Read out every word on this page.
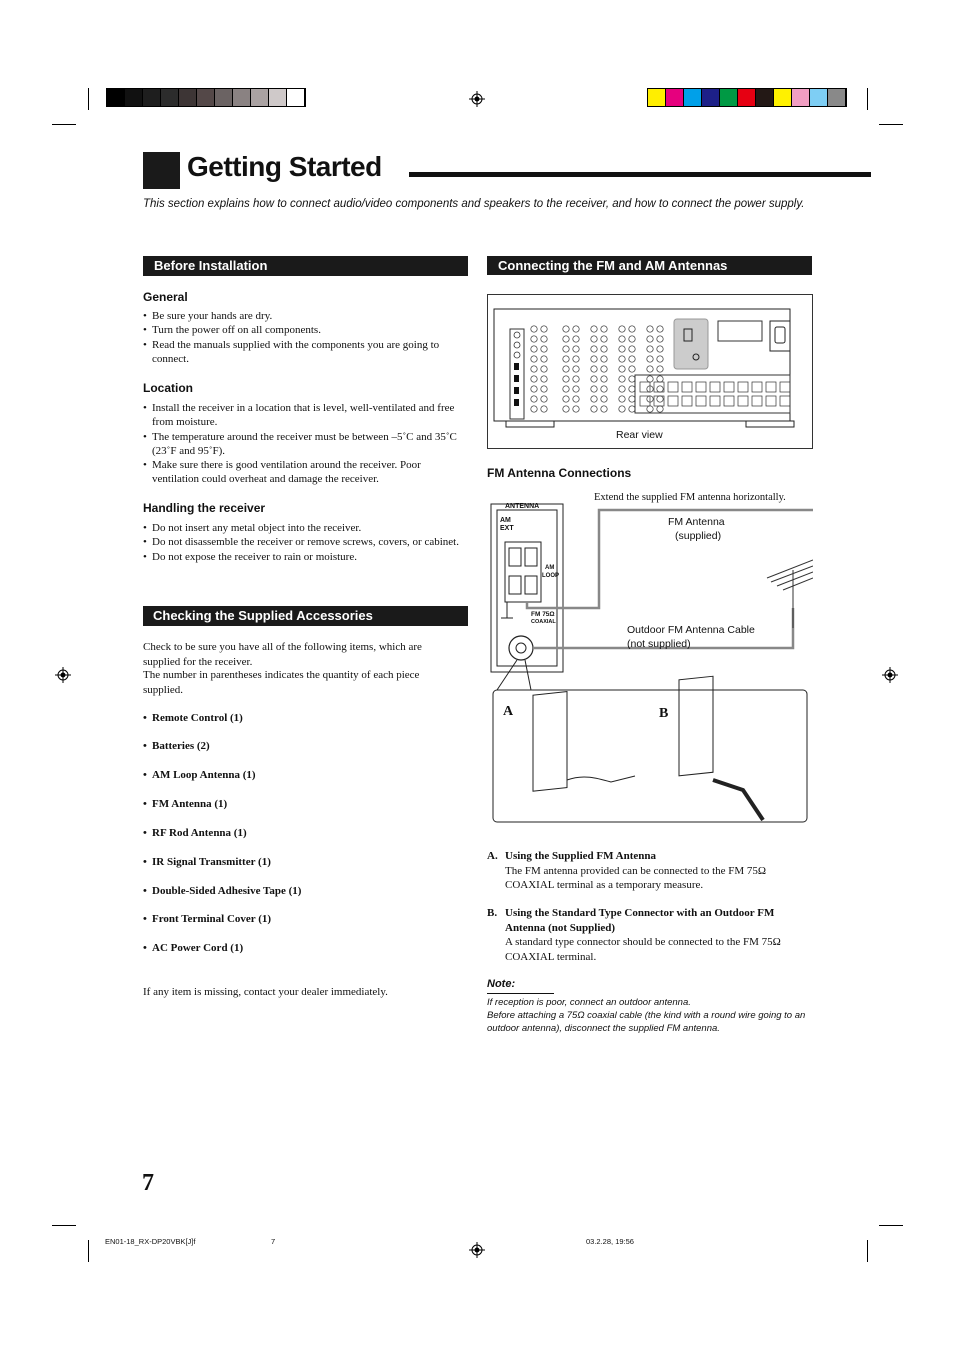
Getting Started
This section explains how to connect audio/video components and speakers to the receiver, and how to connect the power supply.
Before Installation
General
• Be sure your hands are dry.
• Turn the power off on all components.
• Read the manuals supplied with the components you are going to connect.
Location
• Install the receiver in a location that is level, well-ventilated and free from moisture.
• The temperature around the receiver must be between –5˚C and 35˚C (23˚F and 95˚F).
• Make sure there is good ventilation around the receiver. Poor ventilation could overheat and damage the receiver.
Handling the receiver
• Do not insert any metal object into the receiver.
• Do not disassemble the receiver or remove screws, covers, or cabinet.
• Do not expose the receiver to rain or moisture.
Checking the Supplied Accessories
Check to be sure you have all of the following items, which are supplied for the receiver.
The number in parentheses indicates the quantity of each piece supplied.
• Remote Control (1)
• Batteries (2)
• AM Loop Antenna (1)
• FM Antenna (1)
• RF Rod Antenna (1)
• IR Signal Transmitter (1)
• Double-Sided Adhesive Tape (1)
• Front Terminal Cover (1)
• AC Power Cord (1)
If any item is missing, contact your dealer immediately.
7
Connecting the FM and AM Antennas
Rear view
FM Antenna Connections
Extend the supplied FM antenna horizontally.
FM Antenna
(supplied)
Outdoor FM Antenna Cable
(not supplied)
ANTENNA
AM
EXT
AM
LOOP
FM 75Ω
COAXIAL
A	B
A. Using the Supplied FM Antenna
The FM antenna provided can be connected to the FM 75Ω COAXIAL terminal as a temporary measure.
B. Using the Standard Type Connector with an Outdoor FM Antenna (not Supplied)
A standard type connector should be connected to the FM 75Ω COAXIAL terminal.
Note:
If reception is poor, connect an outdoor antenna.
Before attaching a 75Ω coaxial cable (the kind with a round wire going to an outdoor antenna), disconnect the supplied FM antenna.
EN01-18_RX-DP20VBK[J]f	7	03.2.28, 19:56
